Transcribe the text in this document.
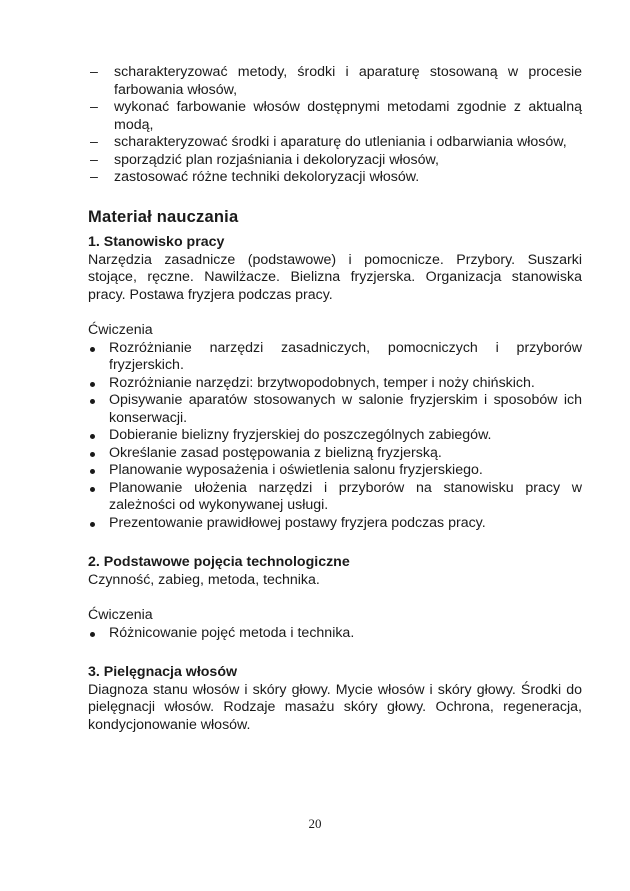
– scharakteryzować metody, środki i aparaturę stosowaną w procesie farbowania włosów,
– wykonać farbowanie włosów dostępnymi metodami zgodnie z aktualną modą,
– scharakteryzować środki i aparaturę do utleniania i odbarwiania włosów,
– sporządzić plan rozjaśniania i dekoloryzacji włosów,
– zastosować różne techniki dekoloryzacji włosów.
Materiał nauczania

1. Stanowisko pracy

Narzędzia zasadnicze (podstawowe) i pomocnicze. Przybory. Suszarki stojące, ręczne. Nawilżacze. Bielizna fryzjerska. Organizacja stanowiska pracy. Postawa fryzjera podczas pracy.

Ćwiczenia

Rozróżnianie narzędzi zasadniczych, pomocniczych i przyborów fryzjerskich.
Rozróżnianie narzędzi: brzytwopodobnych, temper i noży chińskich.
Opisywanie aparatów stosowanych w salonie fryzjerskim i sposobów ich konserwacji.
Dobieranie bielizny fryzjerskiej do poszczególnych zabiegów.
Określanie zasad postępowania z bielizną fryzjerską.
Planowanie wyposażenia i oświetlenia salonu fryzjerskiego.
Planowanie ułożenia narzędzi i przyborów na stanowisku pracy w zależności od wykonywanej usługi.
Prezentowanie prawidłowej postawy fryzjera podczas pracy.

2. Podstawowe pojęcia technologiczne

Czynność, zabieg, metoda, technika.

Ćwiczenia

Różnicowanie pojęć metoda i technika.

3. Pielęgnacja włosów

Diagnoza stanu włosów i skóry głowy. Mycie włosów i skóry głowy. Środki do pielęgnacji włosów. Rodzaje masażu skóry głowy. Ochrona, regeneracja, kondycjonowanie włosów.

20
